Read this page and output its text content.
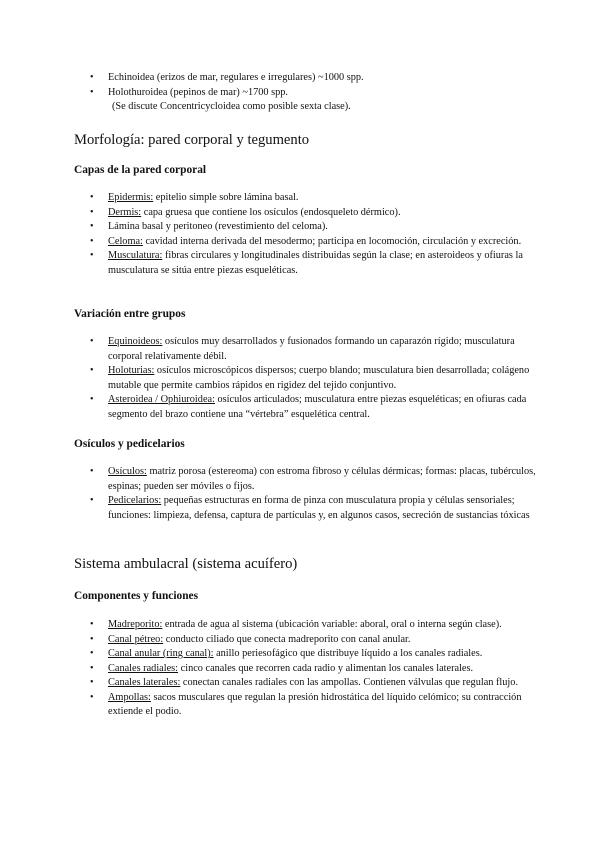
• Echinoidea (erizos de mar, regulares e irregulares) ~1000 spp.
• Holothuroidea (pepinos de mar) ~1700 spp.
(Se discute Concentricycloidea como posible sexta clase).
Morfología: pared corporal y tegumento
Capas de la pared corporal
• Epidermis: epitelio simple sobre lámina basal.
• Dermis: capa gruesa que contiene los osículos (endosqueleto dérmico).
• Lámina basal y peritoneo (revestimiento del celoma).
• Celoma: cavidad interna derivada del mesodermo; participa en locomoción, circulación y excreción.
• Musculatura: fibras circulares y longitudinales distribuidas según la clase; en asteroideos y ofiuras la musculatura se sitúa entre piezas esqueléticas.
Variación entre grupos
• Equinoideos: osículos muy desarrollados y fusionados formando un caparazón rígido; musculatura corporal relativamente débil.
• Holoturias: osículos microscópicos dispersos; cuerpo blando; musculatura bien desarrollada; colágeno mutable que permite cambios rápidos en rigidez del tejido conjuntivo.
• Asteroidea / Ophiuroidea: osículos articulados; musculatura entre piezas esqueléticas; en ofiuras cada segmento del brazo contiene una “vértebra” esquelética central.
Osículos y pedicelarios
• Osículos: matriz porosa (estereoma) con estroma fibroso y células dérmicas; formas: placas, tubérculos, espinas; pueden ser móviles o fijos.
• Pedicelarios: pequeñas estructuras en forma de pinza con musculatura propia y células sensoriales; funciones: limpieza, defensa, captura de partículas y, en algunos casos, secreción de sustancias tóxicas
Sistema ambulacral (sistema acuífero)
Componentes y funciones
• Madreporito: entrada de agua al sistema (ubicación variable: aboral, oral o interna según clase).
• Canal pétreo: conducto ciliado que conecta madreporito con canal anular.
• Canal anular (ring canal): anillo periesofágico que distribuye líquido a los canales radiales.
• Canales radiales: cinco canales que recorren cada radio y alimentan los canales laterales.
• Canales laterales: conectan canales radiales con las ampollas. Contienen válvulas que regulan flujo.
• Ampollas: sacos musculares que regulan la presión hidrostática del líquido celómico; su contracción extiende el podio.
